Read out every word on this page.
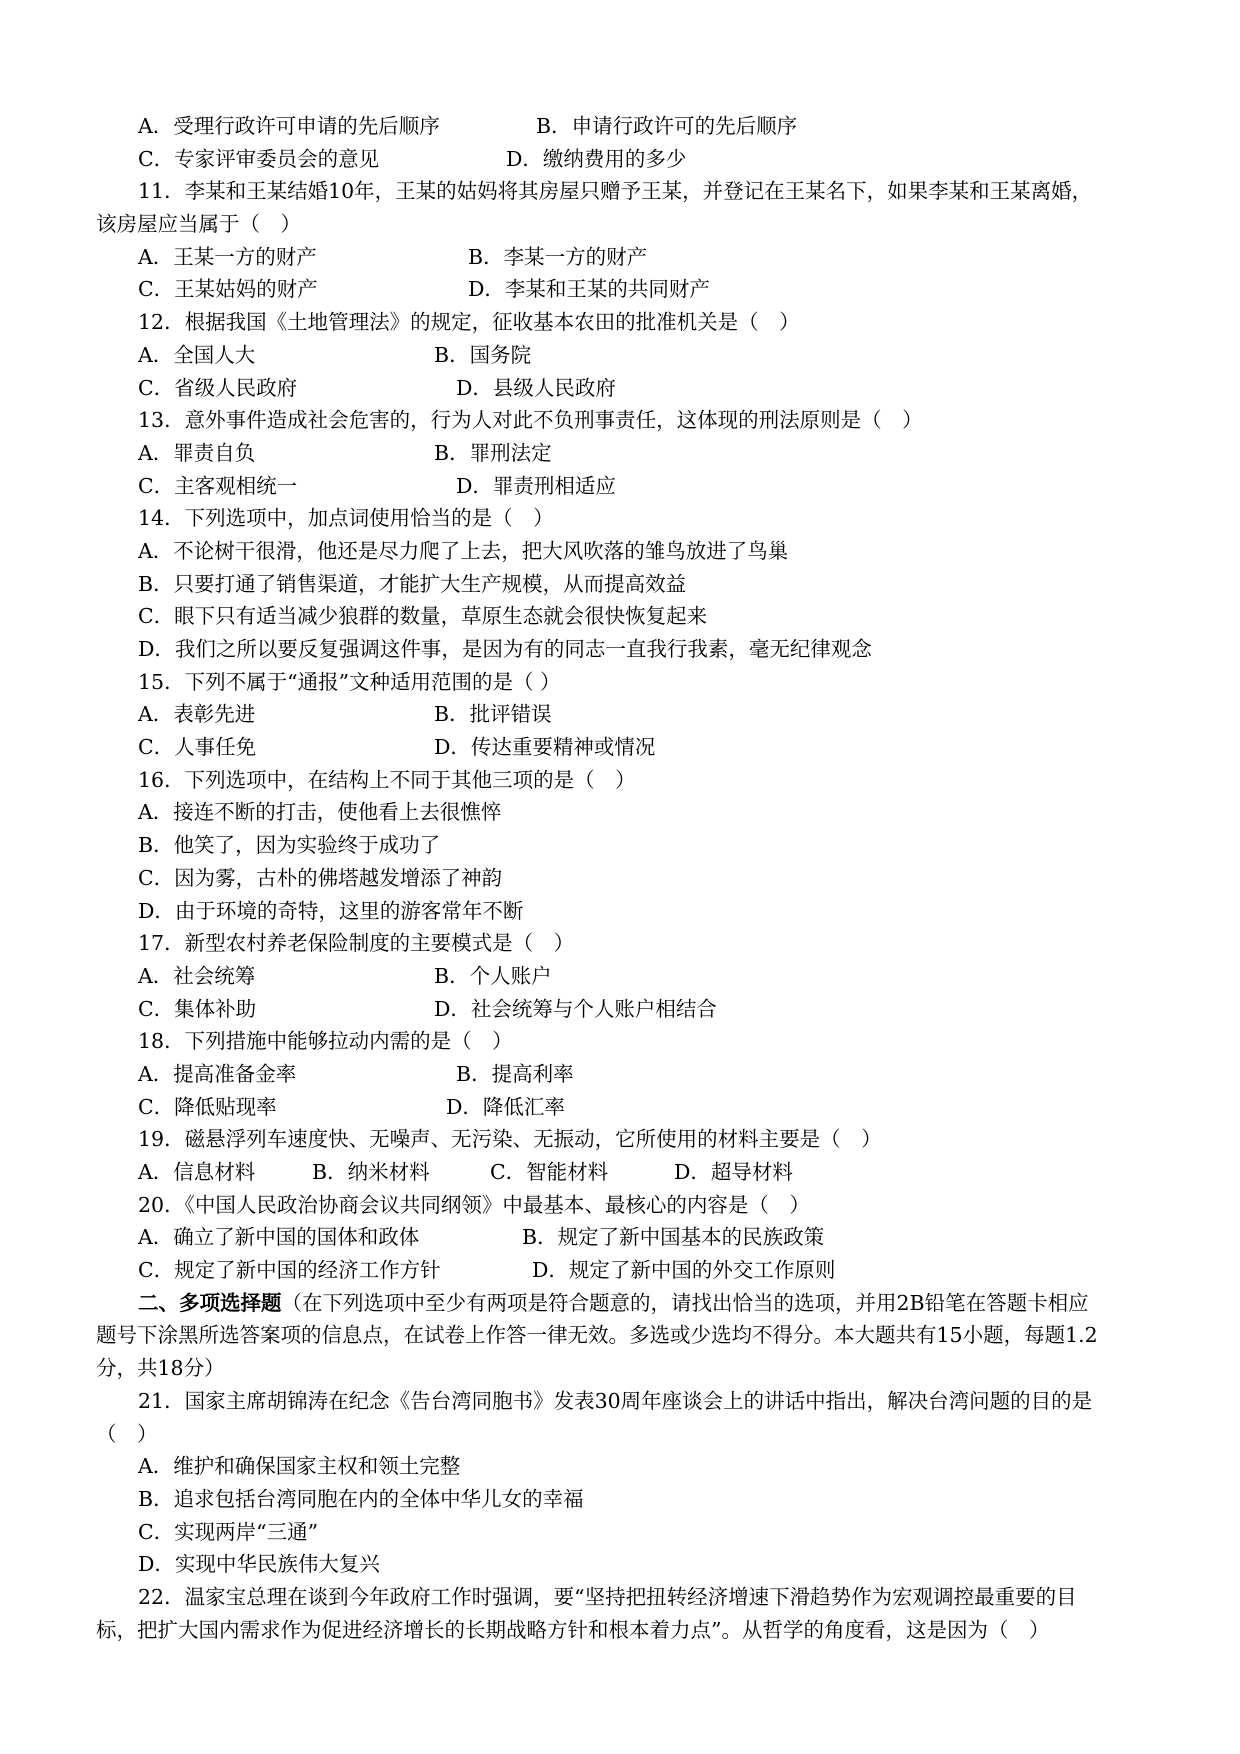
A．受理行政许可申请的先后顺序	B．申请行政许可的先后顺序
C．专家评审委员会的意见	D．缴纳费用的多少
11．李某和王某结婚10年，王某的姑妈将其房屋只赠予王某，并登记在王某名下，如果李某和王某离婚，
该房屋应当属于（　）
A．王某一方的财产	B．李某一方的财产
C．王某姑妈的财产	D．李某和王某的共同财产
12．根据我国《土地管理法》的规定，征收基本农田的批准机关是（　）
A．全国人大	B．国务院
C．省级人民政府	D．县级人民政府
13．意外事件造成社会危害的，行为人对此不负刑事责任，这体现的刑法原则是（　）
A．罪责自负	B．罪刑法定
C．主客观相统一	D．罪责刑相适应
14．下列选项中，加点词使用恰当的是（　）
A．不论树干很滑，他还是尽力爬了上去，把大风吹落的雏鸟放进了鸟巢
B．只要打通了销售渠道，才能扩大生产规模，从而提高效益
C．眼下只有适当减少狼群的数量，草原生态就会很快恢复起来
D．我们之所以要反复强调这件事，是因为有的同志一直我行我素，毫无纪律观念
15．下列不属于“通报”文种适用范围的是（ ）
A．表彰先进	B．批评错误
C．人事任免	D．传达重要精神或情况
16．下列选项中，在结构上不同于其他三项的是（　）
A．接连不断的打击，使他看上去很憔悴
B．他笑了，因为实验终于成功了
C．因为雾，古朴的佛塔越发增添了神韵
D．由于环境的奇特，这里的游客常年不断
17．新型农村养老保险制度的主要模式是（　）
A．社会统筹	B．个人账户
C．集体补助	D．社会统筹与个人账户相结合
18．下列措施中能够拉动内需的是（　）
A．提高准备金率	B．提高利率
C．降低贴现率	D．降低汇率
19．磁悬浮列车速度快、无噪声、无污染、无振动，它所使用的材料主要是（　）
A．信息材料	B．纳米材料	C．智能材料	D．超导材料
20．《中国人民政治协商会议共同纲领》中最基本、最核心的内容是（　）
A．确立了新中国的国体和政体	B．规定了新中国基本的民族政策
C．规定了新中国的经济工作方针	D．规定了新中国的外交工作原则
二、多项选择题（在下列选项中至少有两项是符合题意的，请找出恰当的选项，并用2B铅笔在答题卡相应
题号下涂黑所选答案项的信息点，在试卷上作答一律无效。多选或少选均不得分。本大题共有15小题，每题1.2
分，共18分）
21．国家主席胡锦涛在纪念《告台湾同胞书》发表30周年座谈会上的讲话中指出，解决台湾问题的目的是
（　）
A．维护和确保国家主权和领土完整
B．追求包括台湾同胞在内的全体中华儿女的幸福
C．实现两岸“三通”
D．实现中华民族伟大复兴
22．温家宝总理在谈到今年政府工作时强调，要“坚持把扭转经济增速下滑趋势作为宏观调控最重要的目
标，把扩大国内需求作为促进经济增长的长期战略方针和根本着力点”。从哲学的角度看，这是因为（　）
